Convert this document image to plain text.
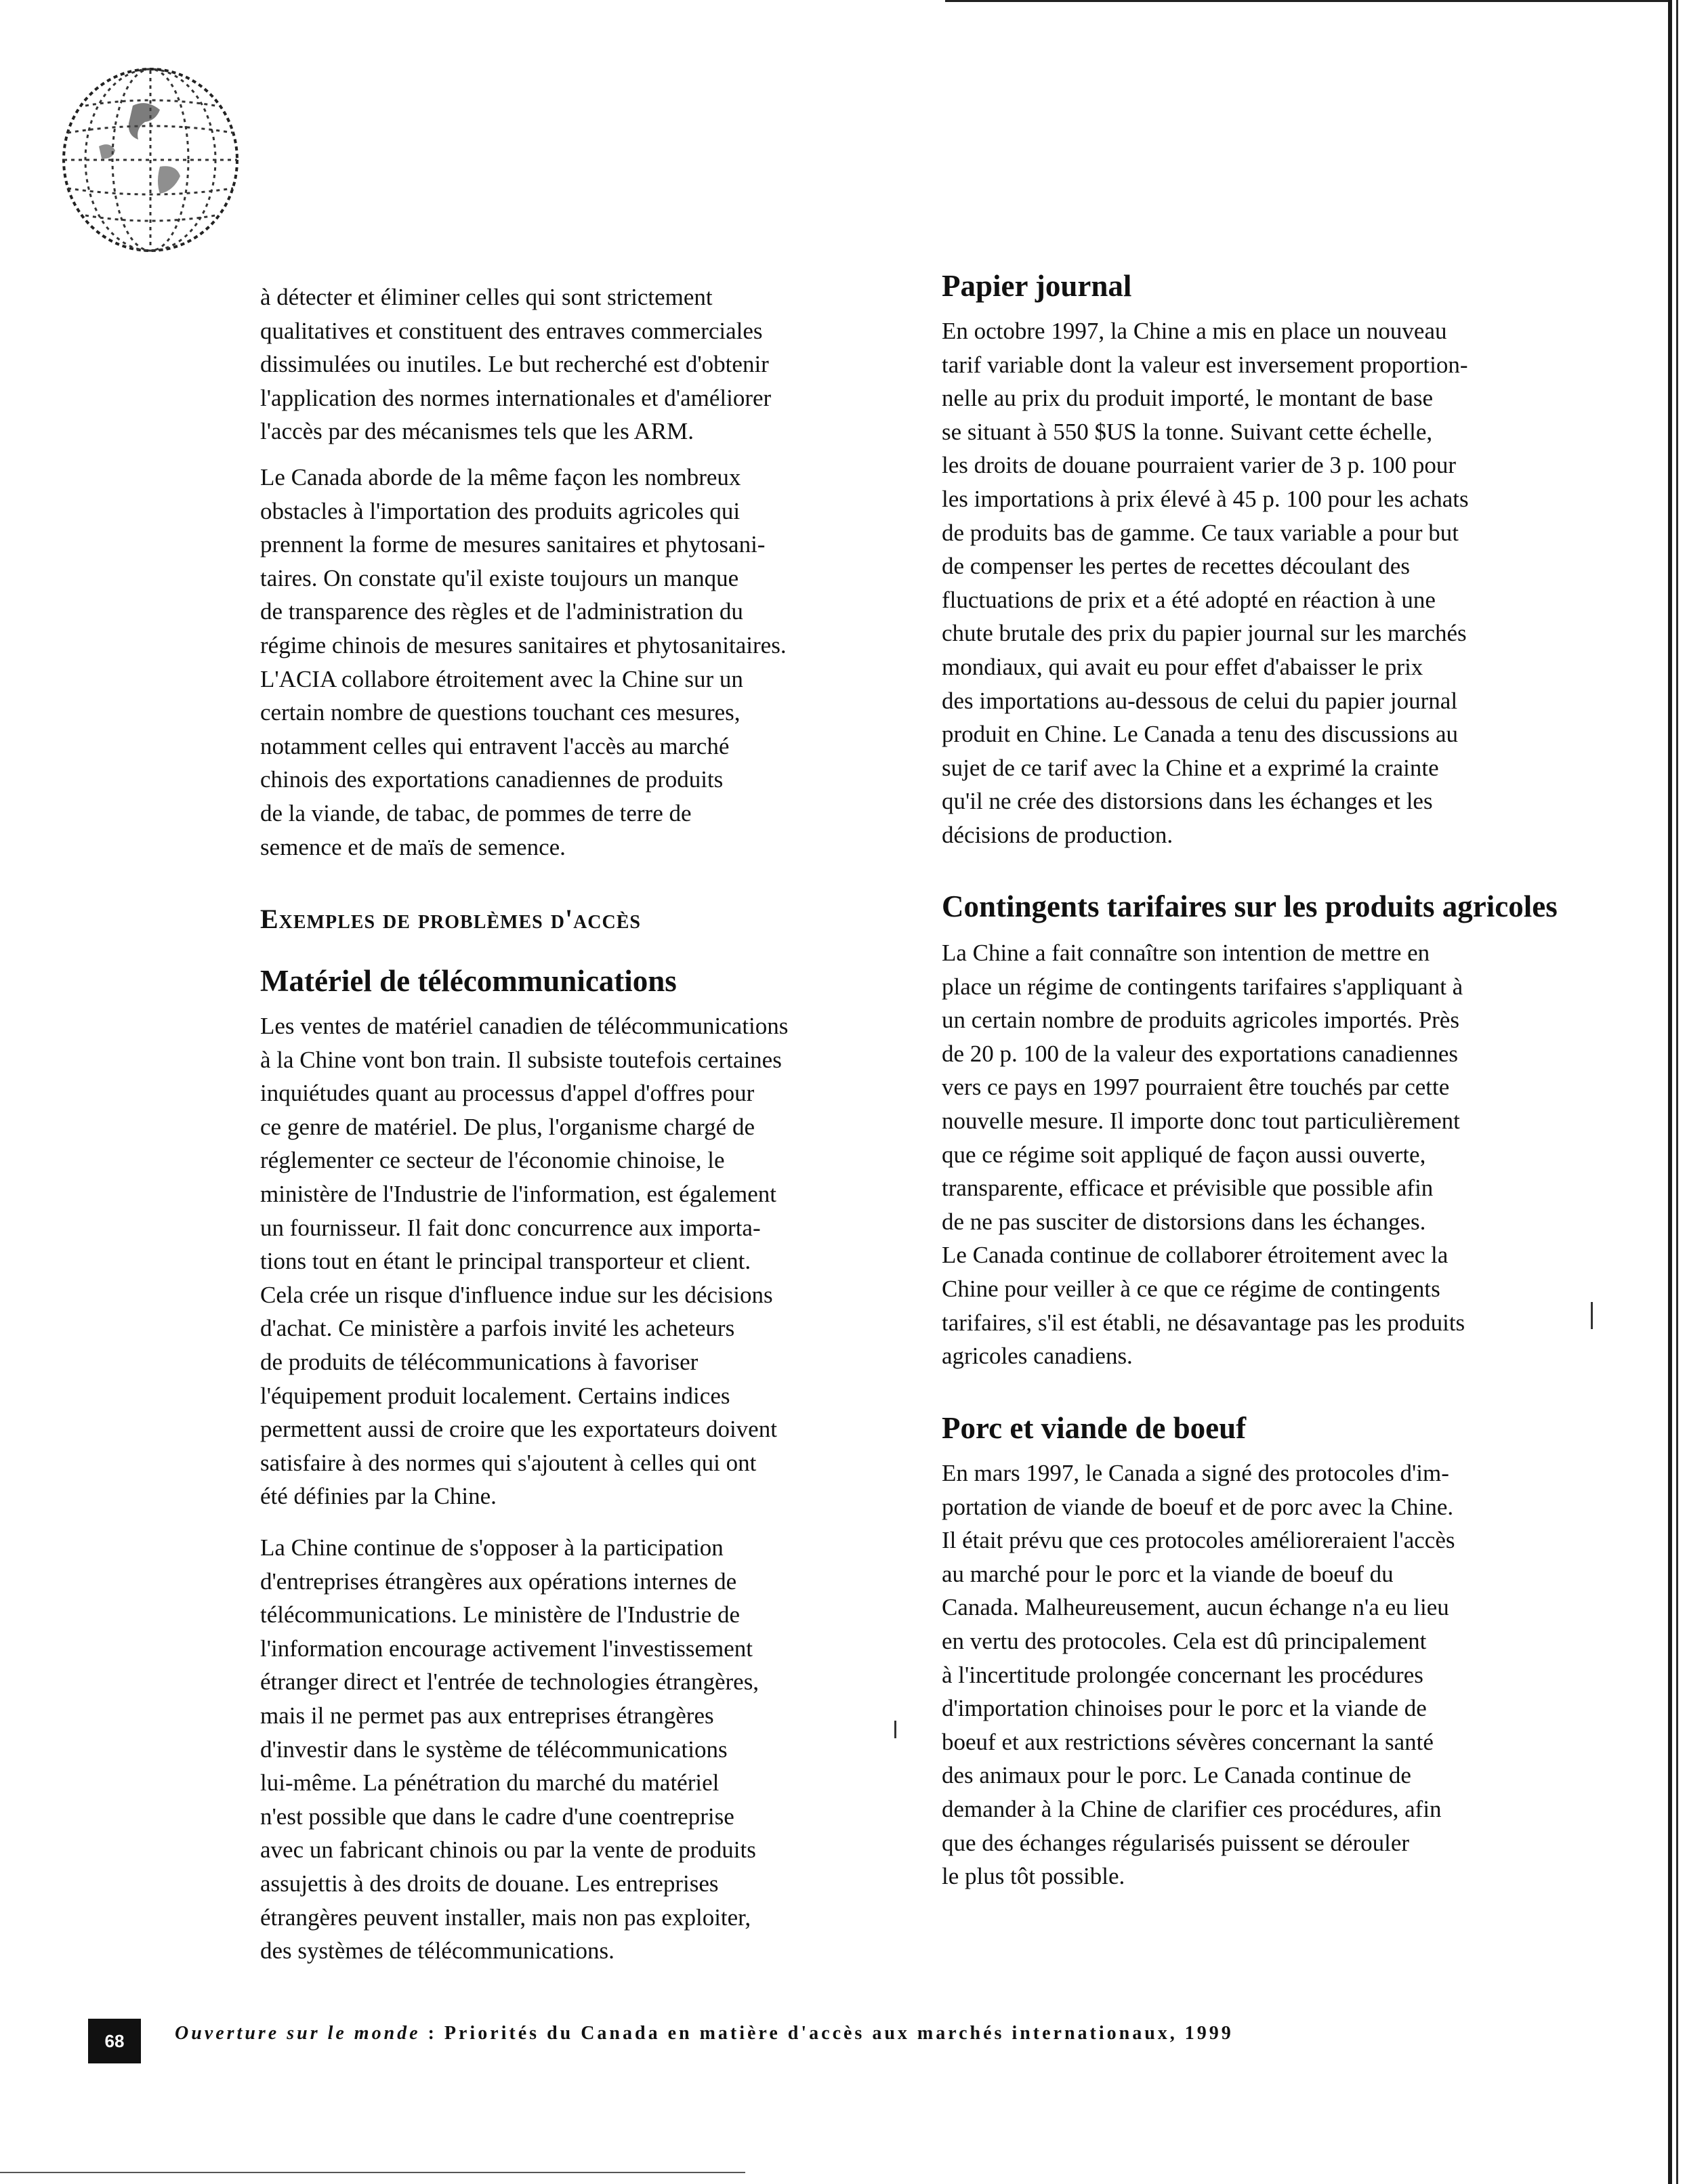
à détecter et éliminer celles qui sont strictement
qualitatives et constituent des entraves commerciales
dissimulées ou inutiles. Le but recherché est d'obtenir
l'application des normes internationales et d'améliorer
l'accès par des mécanismes tels que les ARM.

Le Canada aborde de la même façon les nombreux
obstacles à l'importation des produits agricoles qui
prennent la forme de mesures sanitaires et phytosani-
taires. On constate qu'il existe toujours un manque
de transparence des règles et de l'administration du
régime chinois de mesures sanitaires et phytosanitaires.
L'ACIA collabore étroitement avec la Chine sur un
certain nombre de questions touchant ces mesures,
notamment celles qui entravent l'accès au marché
chinois des exportations canadiennes de produits
de la viande, de tabac, de pommes de terre de
semence et de maïs de semence.

Exemples de problèmes d'accès
Matériel de télécommunications

Les ventes de matériel canadien de télécommunications
à la Chine vont bon train. Il subsiste toutefois certaines
inquiétudes quant au processus d'appel d'offres pour
ce genre de matériel. De plus, l'organisme chargé de
réglementer ce secteur de l'économie chinoise, le
ministère de l'Industrie de l'information, est également
un fournisseur. Il fait donc concurrence aux importa-
tions tout en étant le principal transporteur et client.
Cela crée un risque d'influence indue sur les décisions
d'achat. Ce ministère a parfois invité les acheteurs
de produits de télécommunications à favoriser
l'équipement produit localement. Certains indices
permettent aussi de croire que les exportateurs doivent
satisfaire à des normes qui s'ajoutent à celles qui ont
été définies par la Chine.

La Chine continue de s'opposer à la participation
d'entreprises étrangères aux opérations internes de
télécommunications. Le ministère de l'Industrie de
l'information encourage activement l'investissement
étranger direct et l'entrée de technologies étrangères,
mais il ne permet pas aux entreprises étrangères
d'investir dans le système de télécommunications
lui-même. La pénétration du marché du matériel
n'est possible que dans le cadre d'une coentreprise
avec un fabricant chinois ou par la vente de produits
assujettis à des droits de douane. Les entreprises
étrangères peuvent installer, mais non pas exploiter,
des systèmes de télécommunications.

Papier journal

En octobre 1997, la Chine a mis en place un nouveau
tarif variable dont la valeur est inversement proportion-
nelle au prix du produit importé, le montant de base
se situant à 550 $US la tonne. Suivant cette échelle,
les droits de douane pourraient varier de 3 p. 100 pour
les importations à prix élevé à 45 p. 100 pour les achats
de produits bas de gamme. Ce taux variable a pour but
de compenser les pertes de recettes découlant des
fluctuations de prix et a été adopté en réaction à une
chute brutale des prix du papier journal sur les marchés
mondiaux, qui avait eu pour effet d'abaisser le prix
des importations au-dessous de celui du papier journal
produit en Chine. Le Canada a tenu des discussions au
sujet de ce tarif avec la Chine et a exprimé la crainte
qu'il ne crée des distorsions dans les échanges et les
décisions de production.

Contingents tarifaires sur les produits agricoles

La Chine a fait connaître son intention de mettre en
place un régime de contingents tarifaires s'appliquant à
un certain nombre de produits agricoles importés. Près
de 20 p. 100 de la valeur des exportations canadiennes
vers ce pays en 1997 pourraient être touchés par cette
nouvelle mesure. Il importe donc tout particulièrement
que ce régime soit appliqué de façon aussi ouverte,
transparente, efficace et prévisible que possible afin
de ne pas susciter de distorsions dans les échanges.
Le Canada continue de collaborer étroitement avec la
Chine pour veiller à ce que ce régime de contingents
tarifaires, s'il est établi, ne désavantage pas les produits
agricoles canadiens.

Porc et viande de boeuf

En mars 1997, le Canada a signé des protocoles d'im-
portation de viande de boeuf et de porc avec la Chine.
Il était prévu que ces protocoles amélioreraient l'accès
au marché pour le porc et la viande de boeuf du
Canada. Malheureusement, aucun échange n'a eu lieu
en vertu des protocoles. Cela est dû principalement
à l'incertitude prolongée concernant les procédures
d'importation chinoises pour le porc et la viande de
boeuf et aux restrictions sévères concernant la santé
des animaux pour le porc. Le Canada continue de
demander à la Chine de clarifier ces procédures, afin
que des échanges régularisés puissent se dérouler
le plus tôt possible.

68	Ouverture sur le monde : Priorités du Canada en matière d'accès aux marchés internationaux, 1999
